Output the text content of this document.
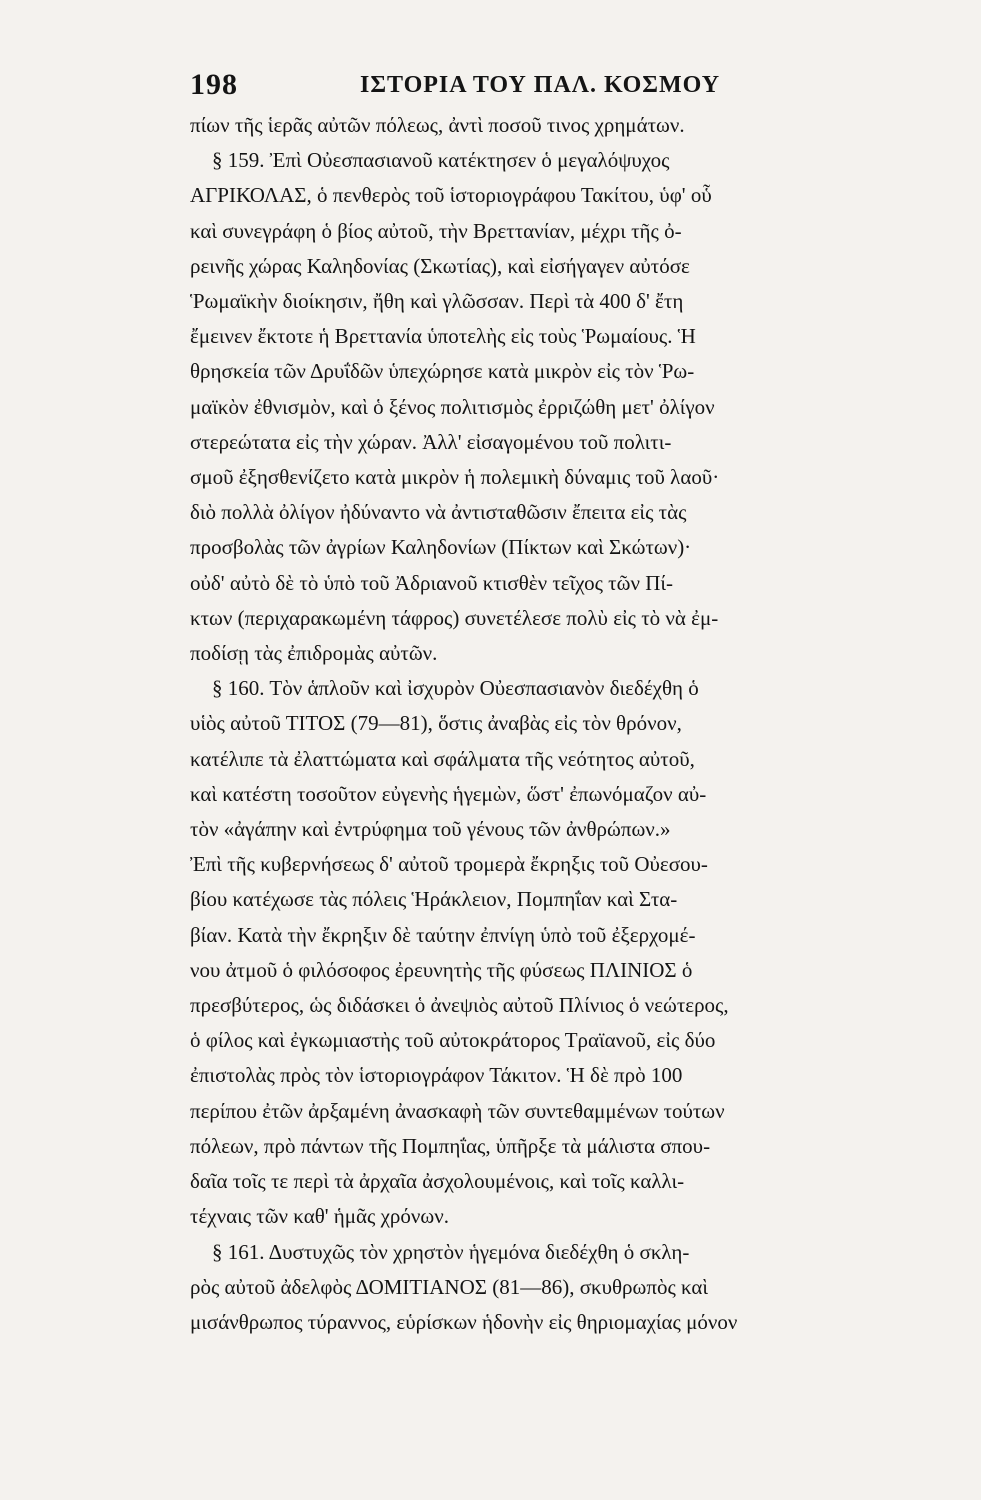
198	ΙΣΤΟΡΙΑ ΤΟΥ ΠΑΛ. ΚΟΣΜΟΥ
πίων τῆς ἱερᾶς αὐτῶν πόλεως, ἀντὶ ποσοῦ τινος χρημάτων.
§ 159. Ἐπὶ Οὐεσπασιανοῦ κατέκτησεν ὁ μεγαλόψυχος
ΑΓΡΙΚΟΛΑΣ, ὁ πενθερὸς τοῦ ἱστοριογράφου Τακίτου, ὑφ' οὗ
καὶ συνεγράφη ὁ βίος αὐτοῦ, τὴν Βρεττανίαν, μέχρι τῆς ὀ-
ρεινῆς χώρας Καληδονίας (Σκωτίας), καὶ εἰσήγαγεν αὐτόσε
Ῥωμαϊκὴν διοίκησιν, ἤθη καὶ γλῶσσαν. Περὶ τὰ 400 δ' ἔτη
ἔμεινεν ἔκτοτε ἡ Βρεττανία ὑποτελὴς εἰς τοὺς Ῥωμαίους. Ἡ
θρησκεία τῶν Δρυΐδῶν ὑπεχώρησε κατὰ μικρὸν εἰς τὸν Ῥω-
μαϊκὸν ἐθνισμὸν, καὶ ὁ ξένος πολιτισμὸς ἐρριζώθη μετ' ὀλίγον
στερεώτατα εἰς τὴν χώραν. Ἀλλ' εἰσαγομένου τοῦ πολιτι-
σμοῦ ἐξησθενίζετο κατὰ μικρὸν ἡ πολεμικὴ δύναμις τοῦ λαοῦ·
διὸ πολλὰ ὀλίγον ἠδύναντο νὰ ἀντισταθῶσιν ἔπειτα εἰς τὰς
προσβολὰς τῶν ἀγρίων Καληδονίων (Πίκτων καὶ Σκώτων)·
οὐδ' αὐτὸ δὲ τὸ ὑπὸ τοῦ Ἀδριανοῦ κτισθὲν τεῖχος τῶν Πί-
κτων (περιχαρακωμένη τάφρος) συνετέλεσε πολὺ εἰς τὸ νὰ ἐμ-
ποδίσῃ τὰς ἐπιδρομὰς αὐτῶν.
§ 160. Τὸν ἁπλοῦν καὶ ἰσχυρὸν Οὐεσπασιανὸν διεδέχθη ὁ
υἱὸς αὐτοῦ ΤΙΤΟΣ (79—81), ὅστις ἀναβὰς εἰς τὸν θρόνον,
κατέλιπε τὰ ἐλαττώματα καὶ σφάλματα τῆς νεότητος αὐτοῦ,
καὶ κατέστη τοσοῦτον εὐγενὴς ἡγεμὼν, ὥστ' ἐπωνόμαζον αὐ-
τὸν «ἀγάπην καὶ ἐντρύφημα τοῦ γένους τῶν ἀνθρώπων.»
Ἐπὶ τῆς κυβερνήσεως δ' αὐτοῦ τρομερὰ ἔκρηξις τοῦ Οὐεσου-
βίου κατέχωσε τὰς πόλεις Ἡράκλειον, Πομπηΐαν καὶ Στα-
βίαν. Κατὰ τὴν ἔκρηξιν δὲ ταύτην ἐπνίγη ὑπὸ τοῦ ἐξερχομέ-
νου ἀτμοῦ ὁ φιλόσοφος ἐρευνητὴς τῆς φύσεως ΠΛΙΝΙΟΣ ὁ
πρεσβύτερος, ὡς διδάσκει ὁ ἀνεψιὸς αὐτοῦ Πλίνιος ὁ νεώτερος,
ὁ φίλος καὶ ἐγκωμιαστὴς τοῦ αὐτοκράτορος Τραϊανοῦ, εἰς δύο
ἐπιστολὰς πρὸς τὸν ἱστοριογράφον Τάκιτον. Ἡ δὲ πρὸ 100
περίπου ἐτῶν ἀρξαμένη ἀνασκαφὴ τῶν συντεθαμμένων τούτων
πόλεων, πρὸ πάντων τῆς Πομπηΐας, ὑπῆρξε τὰ μάλιστα σπου-
δαῖα τοῖς τε περὶ τὰ ἀρχαῖα ἀσχολουμένοις, καὶ τοῖς καλλι-
τέχναις τῶν καθ' ἡμᾶς χρόνων.
§ 161. Δυστυχῶς τὸν χρηστὸν ἡγεμόνα διεδέχθη ὁ σκλη-
ρὸς αὐτοῦ ἀδελφὸς ΔΟΜΙΤΙΑΝΟΣ (81—86), σκυθρωπὸς καὶ
μισάνθρωπος τύραννος, εὑρίσκων ἡδονὴν εἰς θηριομαχίας μόνον
